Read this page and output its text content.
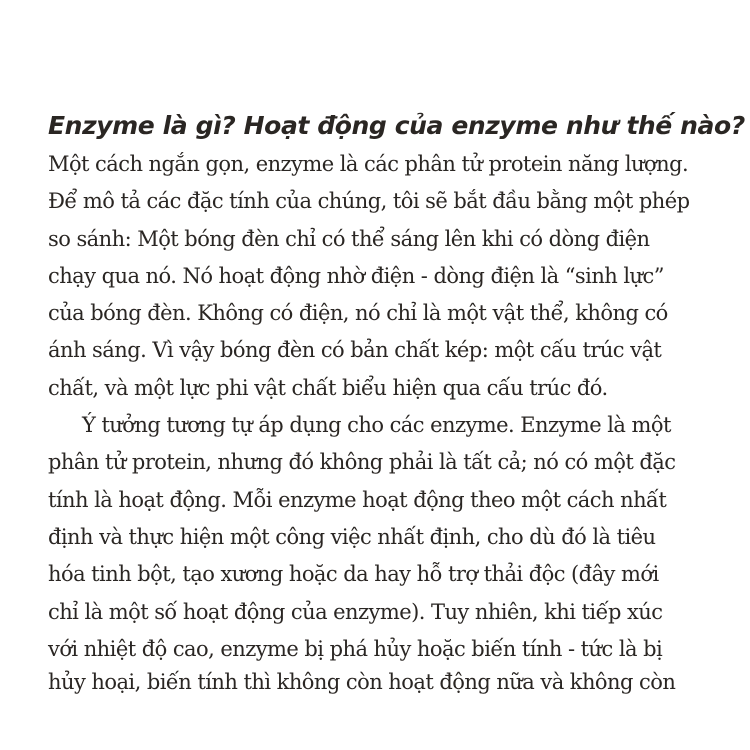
Enzyme là gì? Hoạt động của enzyme như thế nào?
Một cách ngắn gọn, enzyme là các phân tử protein năng lượng.
Để mô tả các đặc tính của chúng, tôi sẽ bắt đầu bằng một phép
so sánh: Một bóng đèn chỉ có thể sáng lên khi có dòng điện
chạy qua nó. Nó hoạt động nhờ điện - dòng điện là “sinh lực”
của bóng đèn. Không có điện, nó chỉ là một vật thể, không có
ánh sáng. Vì vậy bóng đèn có bản chất kép: một cấu trúc vật
chất, và một lực phi vật chất biểu hiện qua cấu trúc đó.
Ý tưởng tương tự áp dụng cho các enzyme. Enzyme là một
phân tử protein, nhưng đó không phải là tất cả; nó có một đặc
tính là hoạt động. Mỗi enzyme hoạt động theo một cách nhất
định và thực hiện một công việc nhất định, cho dù đó là tiêu
hóa tinh bột, tạo xương hoặc da hay hỗ trợ thải độc (đây mới
chỉ là một số hoạt động của enzyme). Tuy nhiên, khi tiếp xúc
với nhiệt độ cao, enzyme bị phá hủy hoặc biến tính - tức là bị
hủy hoại, biến tính thì không còn hoạt động nữa và không còn
